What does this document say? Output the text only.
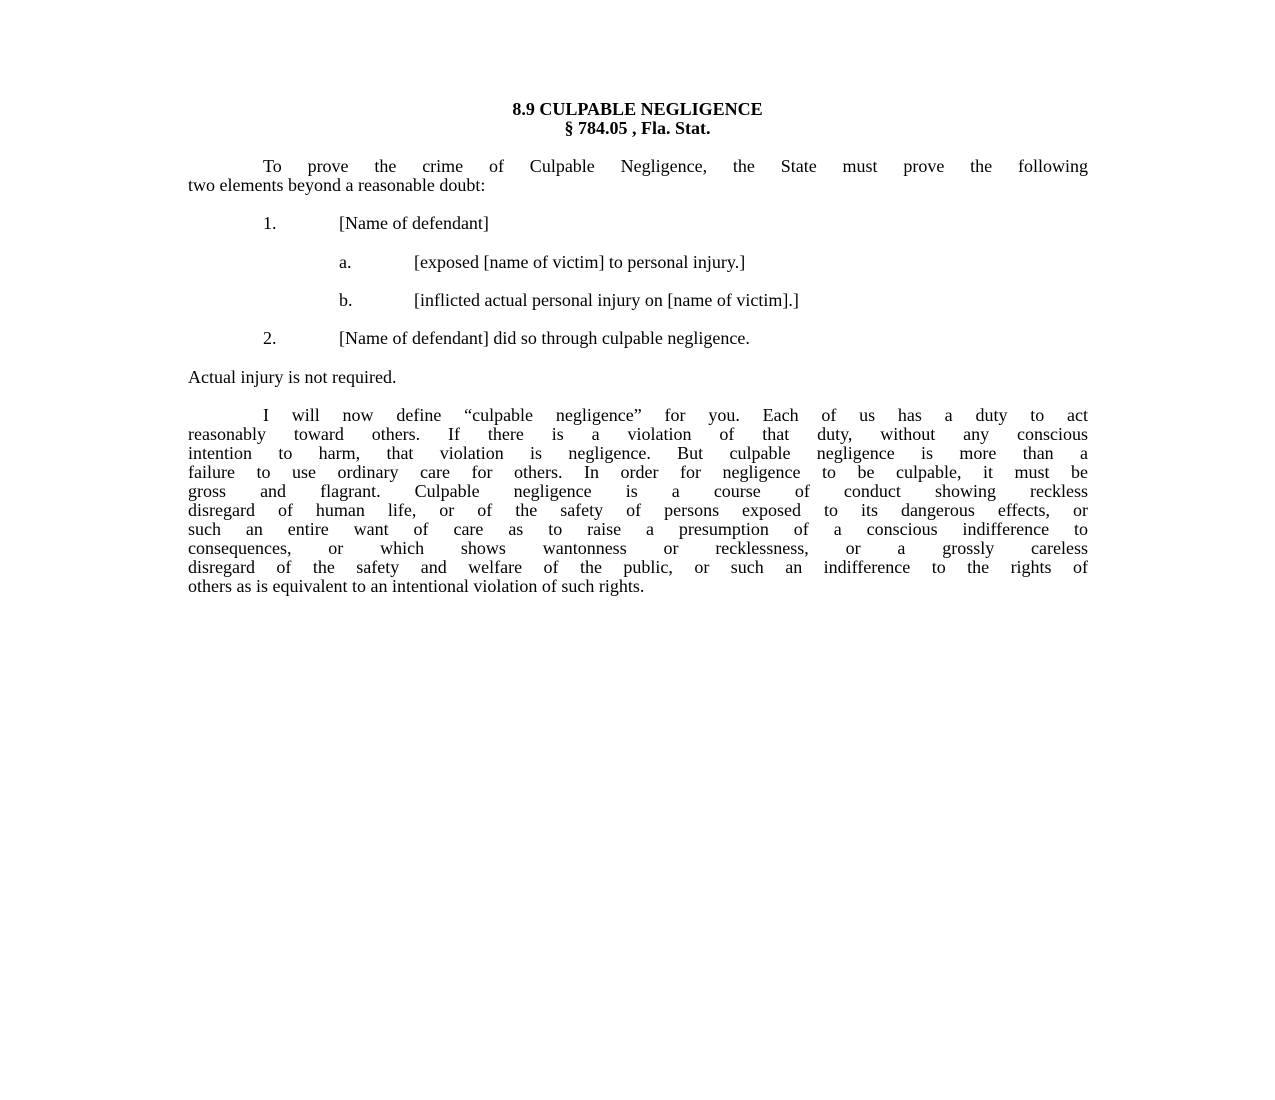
8.9 CULPABLE NEGLIGENCE
§ 784.05 , Fla. Stat.
To prove the crime of Culpable Negligence, the State must prove the following
two elements beyond a reasonable doubt:
1.	[Name of defendant]
a.	[exposed [name of victim] to personal injury.]
b.	[inflicted actual personal injury on [name of victim].]
2.	[Name of defendant] did so through culpable negligence.
Actual injury is not required.
I will now define “culpable negligence” for you. Each of us has a duty to act
reasonably toward others. If there is a violation of that duty, without any conscious
intention to harm, that violation is negligence. But culpable negligence is more than a
failure to use ordinary care for others. In order for negligence to be culpable, it must be
gross and flagrant. Culpable negligence is a course of conduct showing reckless
disregard of human life, or of the safety of persons exposed to its dangerous effects, or
such an entire want of care as to raise a presumption of a conscious indifference to
consequences, or which shows wantonness or recklessness, or a grossly careless
disregard of the safety and welfare of the public, or such an indifference to the rights of
others as is equivalent to an intentional violation of such rights.
